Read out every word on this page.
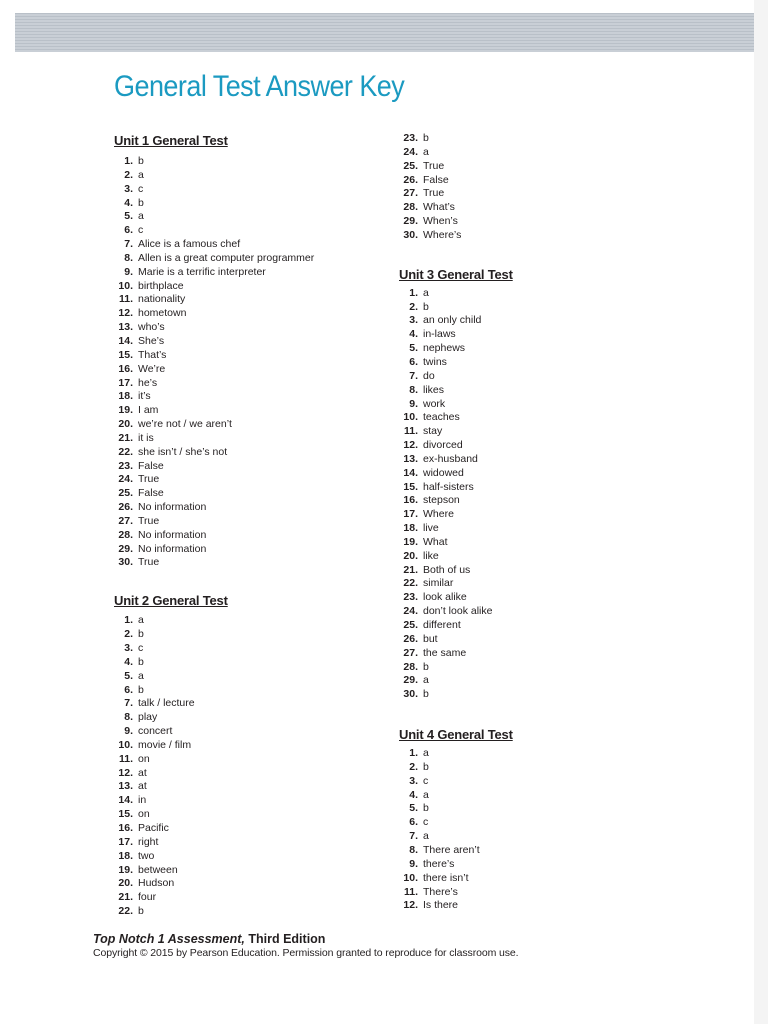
General Test Answer Key
Unit 1 General Test
1. b
2. a
3. c
4. b
5. a
6. c
7. Alice is a famous chef
8. Allen is a great computer programmer
9. Marie is a terrific interpreter
10. birthplace
11. nationality
12. hometown
13. who’s
14. She’s
15. That’s
16. We’re
17. he’s
18. it’s
19. I am
20. we’re not / we aren’t
21. it is
22. she isn’t / she’s not
23. False
24. True
25. False
26. No information
27. True
28. No information
29. No information
30. True
Unit 2 General Test
1. a
2. b
3. c
4. b
5. a
6. b
7. talk / lecture
8. play
9. concert
10. movie / film
11. on
12. at
13. at
14. in
15. on
16. Pacific
17. right
18. two
19. between
20. Hudson
21. four
22. b
23. b
24. a
25. True
26. False
27. True
28. What’s
29. When’s
30. Where’s
Unit 3 General Test
1. a
2. b
3. an only child
4. in-laws
5. nephews
6. twins
7. do
8. likes
9. work
10. teaches
11. stay
12. divorced
13. ex-husband
14. widowed
15. half-sisters
16. stepson
17. Where
18. live
19. What
20. like
21. Both of us
22. similar
23. look alike
24. don’t look alike
25. different
26. but
27. the same
28. b
29. a
30. b
Unit 4 General Test
1. a
2. b
3. c
4. a
5. b
6. c
7. a
8. There aren’t
9. there’s
10. there isn’t
11. There’s
12. Is there

Top Notch 1 Assessment, Third Edition

Copyright © 2015 by Pearson Education. Permission granted to reproduce for classroom use.
